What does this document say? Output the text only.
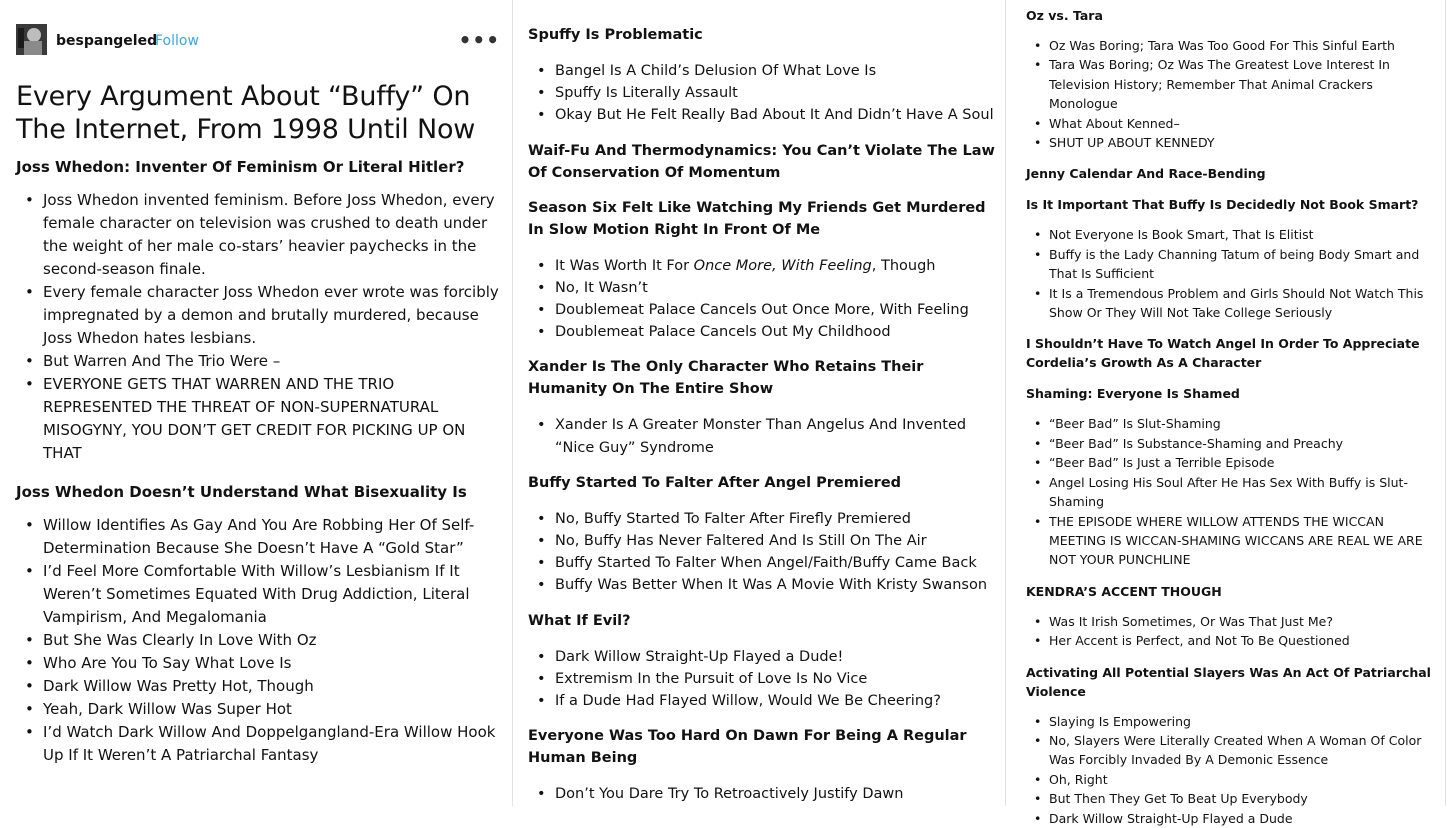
bespangeled
Follow	•••
Every Argument About “Buffy” On The Internet, From 1998 Until Now
Joss Whedon: Inventer Of Feminism Or Literal Hitler?
• Joss Whedon invented feminism. Before Joss Whedon, every female character on television was crushed to death under the weight of her male co-stars’ heavier paychecks in the second-season finale.
• Every female character Joss Whedon ever wrote was forcibly impregnated by a demon and brutally murdered, because Joss Whedon hates lesbians.
• But Warren And The Trio Were –
• EVERYONE GETS THAT WARREN AND THE TRIO REPRESENTED THE THREAT OF NON-SUPERNATURAL MISOGYNY, YOU DON’T GET CREDIT FOR PICKING UP ON THAT
Joss Whedon Doesn’t Understand What Bisexuality Is
• Willow Identifies As Gay And You Are Robbing Her Of Self-Determination Because She Doesn’t Have A “Gold Star”
• I’d Feel More Comfortable With Willow’s Lesbianism If It Weren’t Sometimes Equated With Drug Addiction, Literal Vampirism, And Megalomania
• But She Was Clearly In Love With Oz
• Who Are You To Say What Love Is
• Dark Willow Was Pretty Hot, Though
• Yeah, Dark Willow Was Super Hot
• I’d Watch Dark Willow And Doppelgangland-Era Willow Hook Up If It Weren’t A Patriarchal Fantasy
Spuffy Is Problematic
• Bangel Is A Child’s Delusion Of What Love Is
• Spuffy Is Literally Assault
• Okay But He Felt Really Bad About It And Didn’t Have A Soul
Waif-Fu And Thermodynamics: You Can’t Violate The Law Of Conservation Of Momentum
Season Six Felt Like Watching My Friends Get Murdered In Slow Motion Right In Front Of Me
• It Was Worth It For Once More, With Feeling, Though
• No, It Wasn’t
• Doublemeat Palace Cancels Out Once More, With Feeling
• Doublemeat Palace Cancels Out My Childhood
Xander Is The Only Character Who Retains Their Humanity On The Entire Show
• Xander Is A Greater Monster Than Angelus And Invented “Nice Guy” Syndrome
Buffy Started To Falter After Angel Premiered
• No, Buffy Started To Falter After Firefly Premiered
• No, Buffy Has Never Faltered And Is Still On The Air
• Buffy Started To Falter When Angel/Faith/Buffy Came Back
• Buffy Was Better When It Was A Movie With Kristy Swanson
What If Evil?
• Dark Willow Straight-Up Flayed a Dude!
• Extremism In the Pursuit of Love Is No Vice
• If a Dude Had Flayed Willow, Would We Be Cheering?
Everyone Was Too Hard On Dawn For Being A Regular Human Being
• Don’t You Dare Try To Retroactively Justify Dawn
Oz vs. Tara
• Oz Was Boring; Tara Was Too Good For This Sinful Earth
• Tara Was Boring; Oz Was The Greatest Love Interest In Television History; Remember That Animal Crackers Monologue
• What About Kenned–
• SHUT UP ABOUT KENNEDY
Jenny Calendar And Race-Bending
Is It Important That Buffy Is Decidedly Not Book Smart?
• Not Everyone Is Book Smart, That Is Elitist
• Buffy is the Lady Channing Tatum of being Body Smart and That Is Sufficient
• It Is a Tremendous Problem and Girls Should Not Watch This Show Or They Will Not Take College Seriously
I Shouldn’t Have To Watch Angel In Order To Appreciate Cordelia’s Growth As A Character
Shaming: Everyone Is Shamed
• “Beer Bad” Is Slut-Shaming
• “Beer Bad” Is Substance-Shaming and Preachy
• “Beer Bad” Is Just a Terrible Episode
• Angel Losing His Soul After He Has Sex With Buffy is Slut-Shaming
• THE EPISODE WHERE WILLOW ATTENDS THE WICCAN MEETING IS WICCAN-SHAMING WICCANS ARE REAL WE ARE NOT YOUR PUNCHLINE
KENDRA’S ACCENT THOUGH
• Was It Irish Sometimes, Or Was That Just Me?
• Her Accent is Perfect, and Not To Be Questioned
Activating All Potential Slayers Was An Act Of Patriarchal Violence
• Slaying Is Empowering
• No, Slayers Were Literally Created When A Woman Of Color Was Forcibly Invaded By A Demonic Essence
• Oh, Right
• But Then They Get To Beat Up Everybody
• Dark Willow Straight-Up Flayed a Dude
